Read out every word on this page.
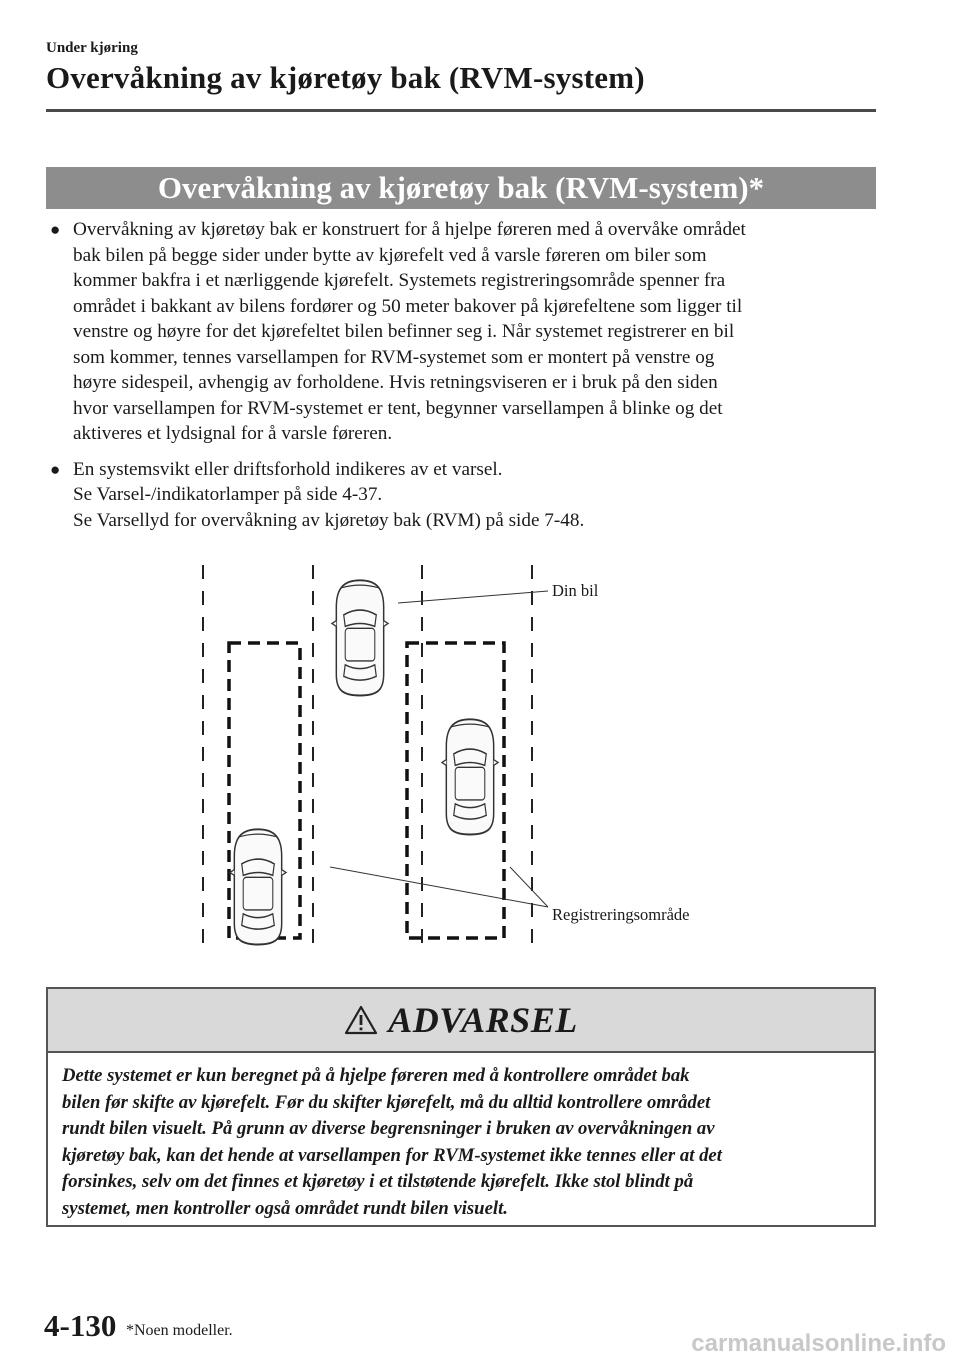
Under kjøring
Overvåkning av kjøretøy bak (RVM-system)
Overvåkning av kjøretøy bak (RVM-system)*
● Overvåkning av kjøretøy bak er konstruert for å hjelpe føreren med å overvåke området
bak bilen på begge sider under bytte av kjørefelt ved å varsle føreren om biler som
kommer bakfra i et nærliggende kjørefelt. Systemets registreringsområde spenner fra
området i bakkant av bilens fordører og 50 meter bakover på kjørefeltene som ligger til
venstre og høyre for det kjørefeltet bilen befinner seg i. Når systemet registrerer en bil
som kommer, tennes varsellampen for RVM-systemet som er montert på venstre og
høyre sidespeil, avhengig av forholdene. Hvis retningsviseren er i bruk på den siden
hvor varsellampen for RVM-systemet er tent, begynner varsellampen å blinke og det
aktiveres et lydsignal for å varsle føreren.
● En systemsvikt eller driftsforhold indikeres av et varsel.
Se Varsel-/indikatorlamper på side 4-37.
Se Varsellyd for overvåkning av kjøretøy bak (RVM) på side 7-48.
Din bil
Registreringsområde
ADVARSEL
Dette systemet er kun beregnet på å hjelpe føreren med å kontrollere området bak
bilen før skifte av kjørefelt. Før du skifter kjørefelt, må du alltid kontrollere området
rundt bilen visuelt. På grunn av diverse begrensninger i bruken av overvåkningen av
kjøretøy bak, kan det hende at varsellampen for RVM-systemet ikke tennes eller at det
forsinkes, selv om det finnes et kjøretøy i et tilstøtende kjørefelt. Ikke stol blindt på
systemet, men kontroller også området rundt bilen visuelt.
4-130 *Noen modeller.	carmanualsonline.info
